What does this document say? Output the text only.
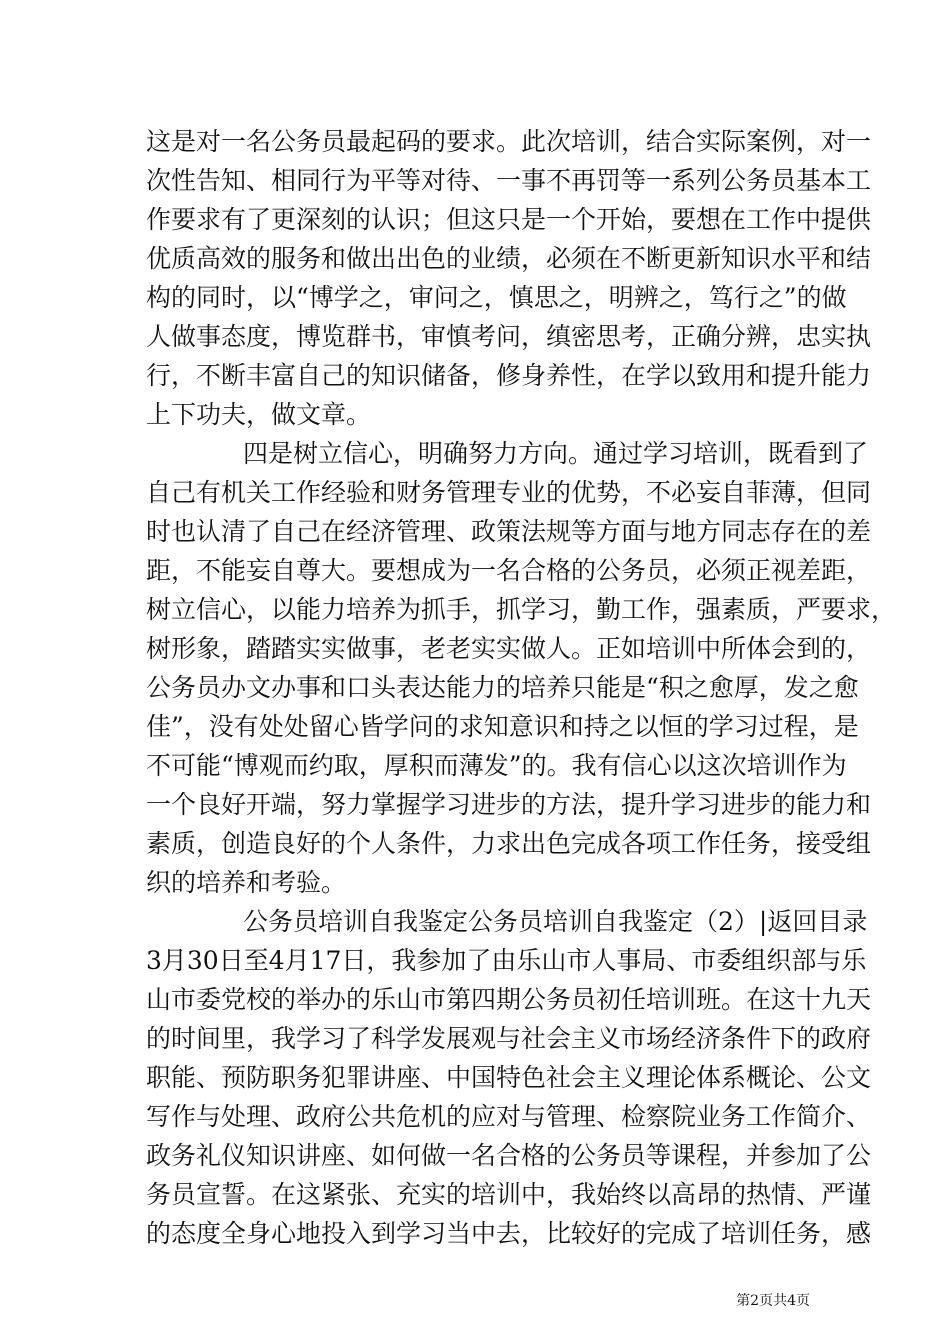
这是对一名公务员最起码的要求。此次培训，结合实际案例，对一
次性告知、相同行为平等对待、一事不再罚等一系列公务员基本工
作要求有了更深刻的认识；但这只是一个开始，要想在工作中提供
优质高效的服务和做出出色的业绩，必须在不断更新知识水平和结
构的同时，以“博学之，审问之，慎思之，明辨之，笃行之”的做
人做事态度，博览群书，审慎考问，缜密思考，正确分辨，忠实执
行，不断丰富自己的知识储备，修身养性，在学以致用和提升能力
上下功夫，做文章。
四是树立信心，明确努力方向。通过学习培训，既看到了
自己有机关工作经验和财务管理专业的优势，不必妄自菲薄，但同
时也认清了自己在经济管理、政策法规等方面与地方同志存在的差
距，不能妄自尊大。要想成为一名合格的公务员，必须正视差距，
树立信心，以能力培养为抓手，抓学习，勤工作，强素质，严要求，
树形象，踏踏实实做事，老老实实做人。正如培训中所体会到的，
公务员办文办事和口头表达能力的培养只能是“积之愈厚，发之愈
佳”，没有处处留心皆学问的求知意识和持之以恒的学习过程，是
不可能“博观而约取，厚积而薄发”的。我有信心以这次培训作为
一个良好开端，努力掌握学习进步的方法，提升学习进步的能力和
素质，创造良好的个人条件，力求出色完成各项工作任务，接受组
织的培养和考验。
公务员培训自我鉴定公务员培训自我鉴定（2）|返回目录
3月30日至4月17日，我参加了由乐山市人事局、市委组织部与乐
山市委党校的举办的乐山市第四期公务员初任培训班。在这十九天
的时间里，我学习了科学发展观与社会主义市场经济条件下的政府
职能、预防职务犯罪讲座、中国特色社会主义理论体系概论、公文
写作与处理、政府公共危机的应对与管理、检察院业务工作简介、
政务礼仪知识讲座、如何做一名合格的公务员等课程，并参加了公
务员宣誓。在这紧张、充实的培训中，我始终以高昂的热情、严谨
的态度全身心地投入到学习当中去，比较好的完成了培训任务，感
第2页共4页
